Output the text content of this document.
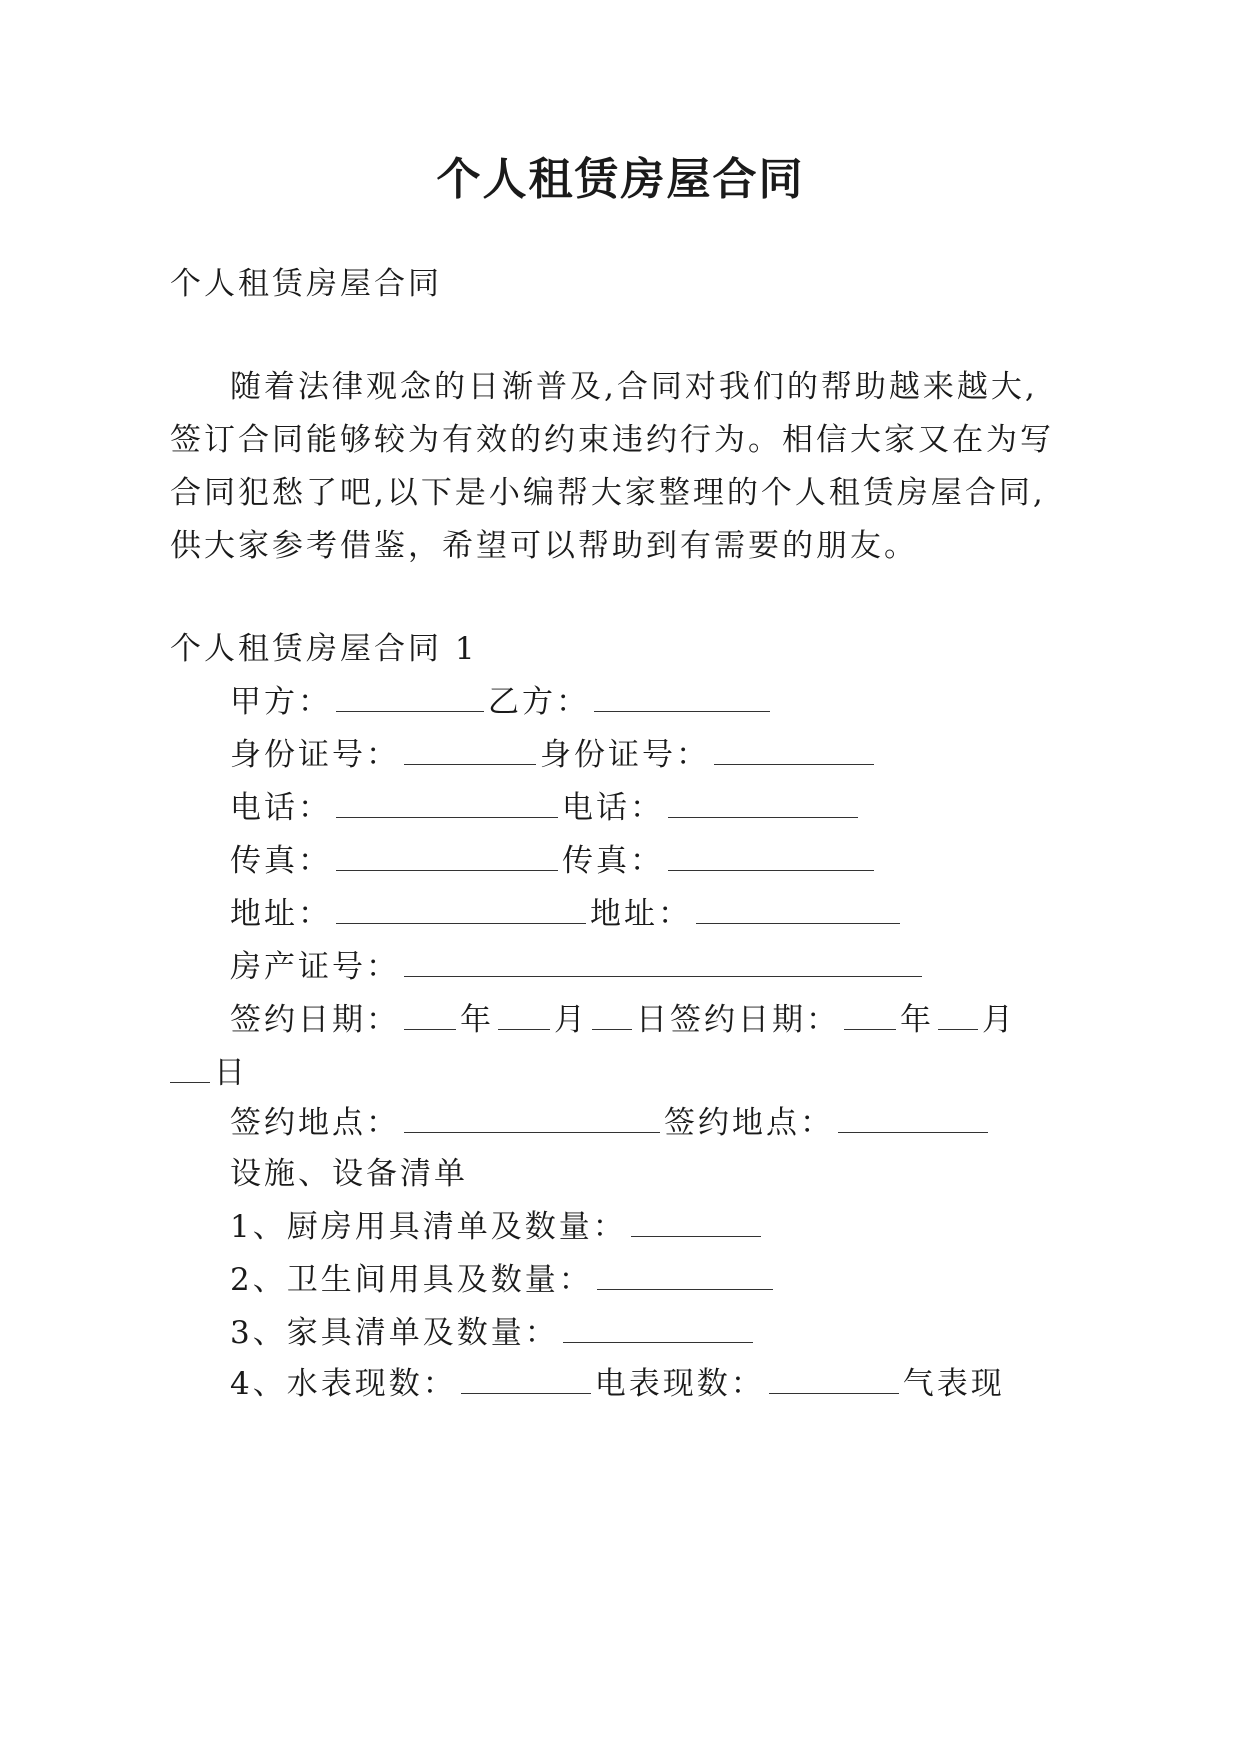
个人租赁房屋合同
个人租赁房屋合同
随着法律观念的日渐普及,合同对我们的帮助越来越大,
签订合同能够较为有效的约束违约行为。相信大家又在为写
合同犯愁了吧,以下是小编帮大家整理的个人租赁房屋合同,
供大家参考借鉴，希望可以帮助到有需要的朋友。
个人租赁房屋合同 1
甲方：	乙方：
身份证号：	身份证号：
电话：	电话：
传真：	传真：
地址：	地址：
房产证号：
签约日期： 年 月 日签约日期： 年 月
日
签约地点：	签约地点：
设施、设备清单
1、厨房用具清单及数量：
2、卫生间用具及数量：
3、家具清单及数量：
4、水表现数：	电表现数：	气表现
